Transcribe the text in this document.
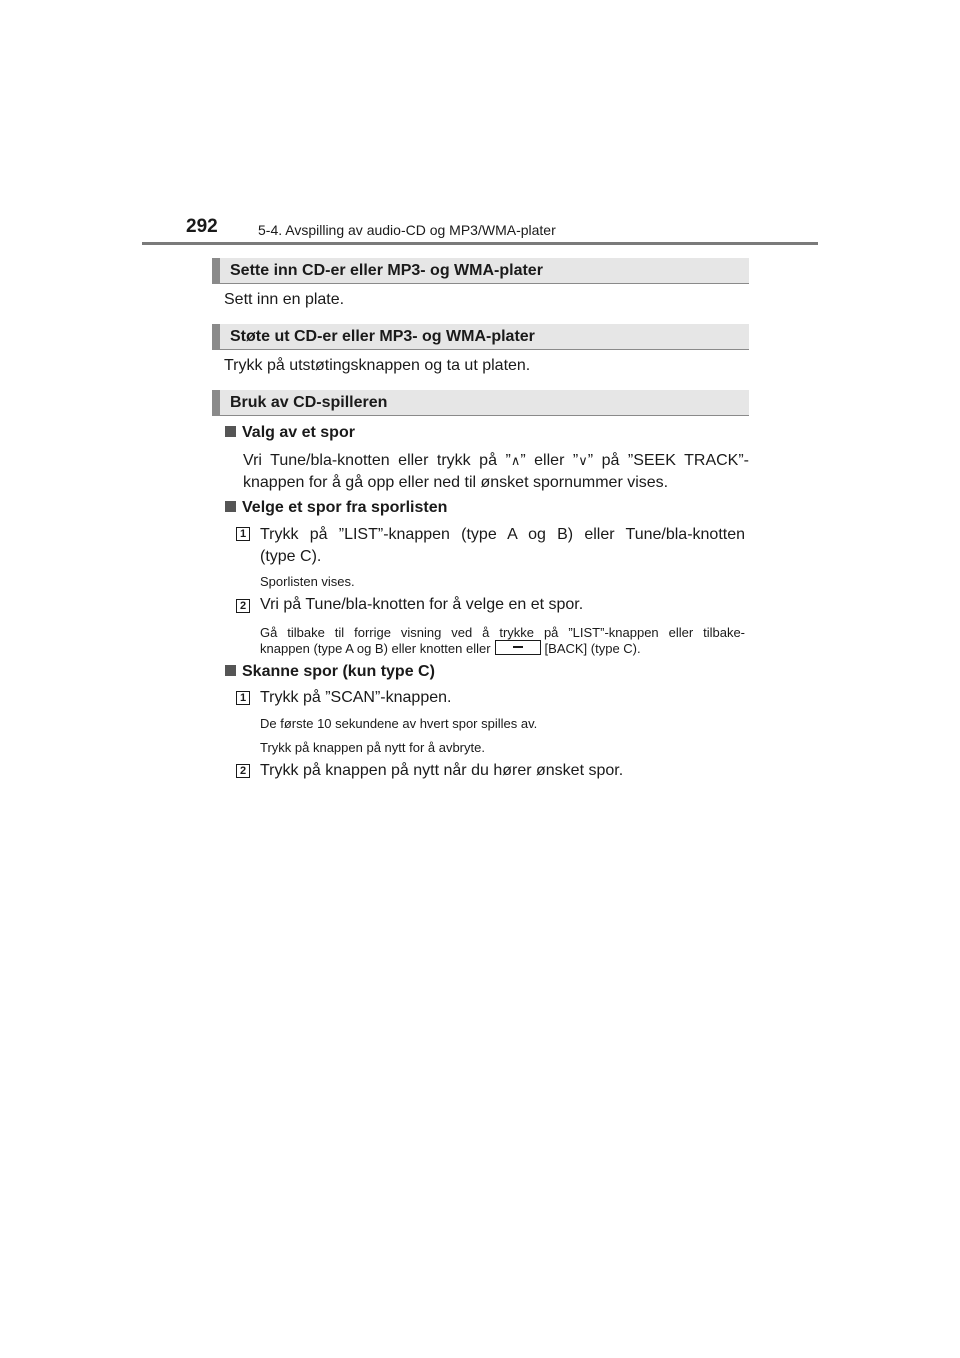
292	5-4. Avspilling av audio-CD og MP3/WMA-plater
Sette inn CD-er eller MP3- og WMA-plater
Sett inn en plate.
Støte ut CD-er eller MP3- og WMA-plater
Trykk på utstøtingsknappen og ta ut platen.
Bruk av CD-spilleren
Valg av et spor
Vri Tune/bla-knotten eller trykk på ”∧” eller ”∨” på ”SEEK TRACK”-
knappen for å gå opp eller ned til ønsket spornummer vises.
Velge et spor fra sporlisten
1 Trykk på ”LIST”-knappen (type A og B) eller Tune/bla-knotten
(type C).
Sporlisten vises.
2 Vri på Tune/bla-knotten for å velge en et spor.
Gå tilbake til forrige visning ved å trykke på ”LIST”-knappen eller tilbake-
knappen (type A og B) eller knotten eller	[BACK] (type C).
Skanne spor (kun type C)
1 Trykk på ”SCAN”-knappen.
De første 10 sekundene av hvert spor spilles av.
Trykk på knappen på nytt for å avbryte.
2 Trykk på knappen på nytt når du hører ønsket spor.
